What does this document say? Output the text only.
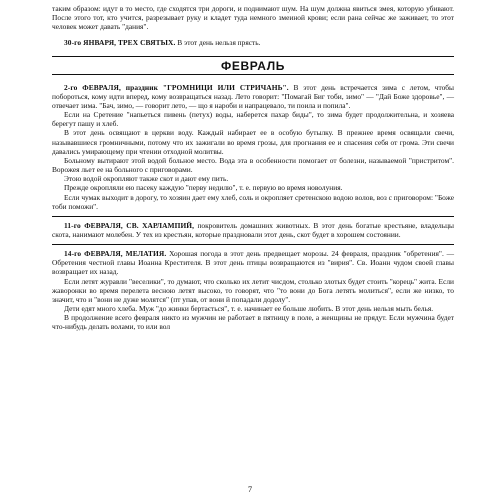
таким образом: идут в то место, где сходятся три дороги, и поднимают шум. На шум должна явиться змея, которую убивают. После этого тот, кто учится, разрезывает руку и кладет туда немного змеиной крови; если рана сейчас же заживает, то этот человек может давать "дания".

30-го ЯНВАРЯ, ТРЕХ СВЯТЫХ. В этот день нельзя прясть.

ФЕВРАЛЬ

2-го ФЕВРАЛЯ, праздник "ГРОМНИЦИ ИЛИ СТРИЧАНЬ". В этот день встречается зима с летом, чтобы побороться, кому идти вперед, кому возвращаться назад. Лето говорит: "Помагай Биг тоби, зимо" — "Дай Боже здоровье", — отвечает зима. "Бач, зимо, — говорит лето, — що я нароби и напрацевало, ти поила и попила".

Если на Сретение "напьеться пивень (петух) воды, наберется пахар биды", то зима будет продолжительна, и хозяева берегут пашу и хлеб.

В этот день освящают в церкви воду. Каждый набирает ее в особую бутылку. В прежнее время освящали свечи, называвшиеся громничными, потому что их зажигали во время грозы, для прогнания ее и спасения себя от грома. Эти свечи давались умирающему при чтении отходной молитвы.

Больному вытирают этой водой больное место. Вода эта в особенности помогает от болезни, называемой "пристритом". Ворожея льет ее на больного с приговорами.

Этою водой окропляют также скот и дают ему пить.

Прежде окропляли ею пасеку каждую "перву недилю", т. е. первую во время новолуния.

Если чумак выходит в дорогу, то хозяин дает ему хлеб, соль и окропляет сретенскою водою волов, воз с приговором: "Боже тоби поможи".

11-го ФЕВРАЛЯ, СВ. ХАРЛАМПИЙ, покровитель домашних животных. В этот день богатые крестьяне, владельцы скота, нанимают молебен. У тех из крестьян, которые праздновали этот день, скот будет в хорошем состоянии.

14-го ФЕВРАЛЯ, МЕЛАТИЯ. Хорошая погода в этот день предвещает морозы. 24 февраля, праздник "обретения". — Обретения честной главы Иоанна Крестителя. В этот день птицы возвращаются из "вирия". Св. Иоанн чудом своей главы возвращает их назад.

Если летят журавли "веселики", то думают, что сколько их летит чисдом, столько злотых будет стоить "корець" жита. Если жаворонки во время перелета весною летят высоко, то говорят, что "то вони до Бога летять молиться", если же низко, то значит, что и "вони не дуже молятся" (пт упав, от вони й попадали додолу".

Дети едят много хлеба. Муж "до жинки бертається", т. е. начинает ее больше любить. В этот день нельзя мыть белья.

В продолжение всего февраля никто из мужчин не работает в пятницу в поле, а женщины не прядут. Если мужчина будет что-нибудь делать волами, то или вол

7
